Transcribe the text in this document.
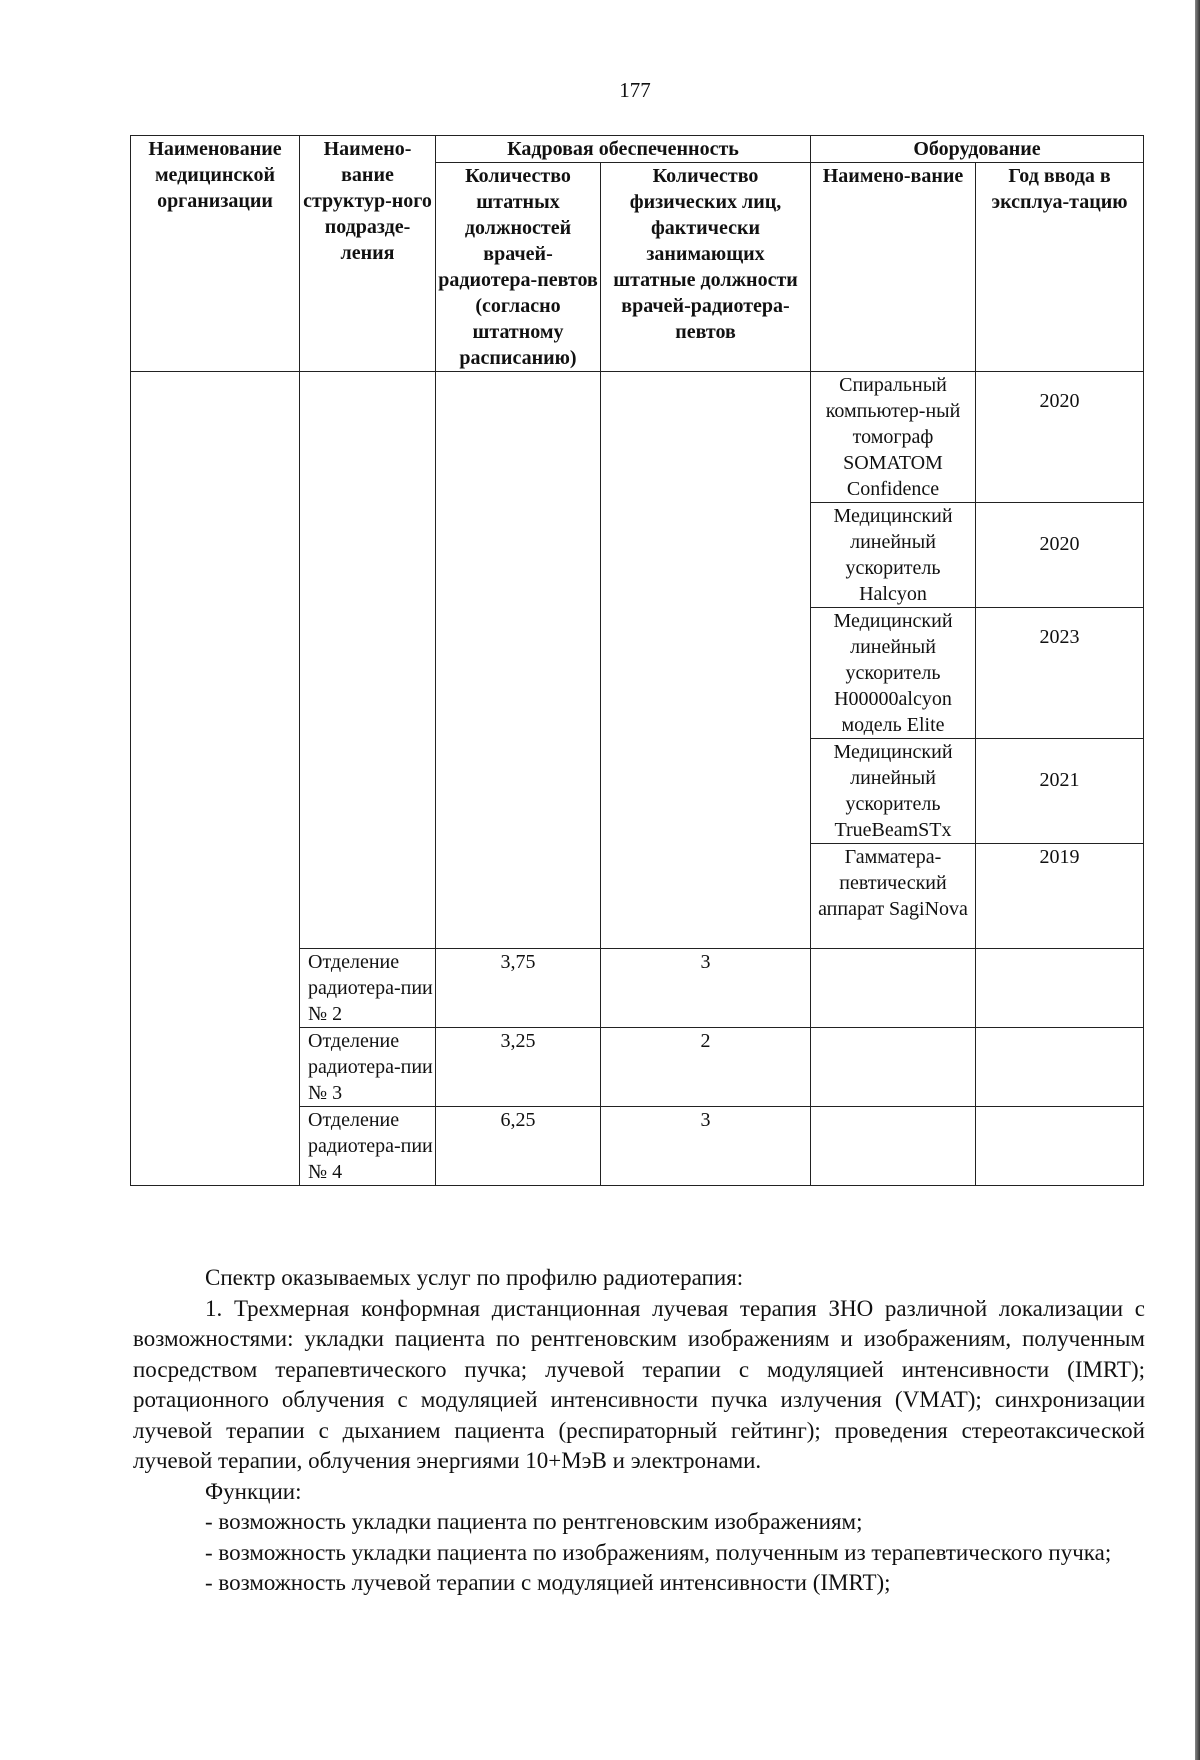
177
Наименование медицинской организации	Наимено-вание структур-ного подразде-ления	Кадровая обеспеченность		Оборудование	
		Количество штатных должностей врачей-радиотера-певтов (согласно штатному расписанию)	Количество физических лиц, фактически занимающих штатные должности врачей-радиотера-певтов	Наимено-вание	Год ввода в эксплуа-тацию
				Спиральный компьютер-ный томограф SOMATOM Confidence	2020
				Медицинский линейный ускоритель Halcyon	2020
				Медицинский линейный ускоритель H00000alcyon модель Elite	2023
				Медицинский линейный ускоритель TrueBeamSTx	2021
				Гамматера-певтический аппарат SagiNova	2019
	Отделение радиотера-пии № 2	3,75	3		
	Отделение радиотера-пии № 3	3,25	2		
	Отделение радиотера-пии № 4	6,25	3		

Спектр оказываемых услуг по профилю радиотерапия:

1. Трехмерная конформная дистанционная лучевая терапия ЗНО различной локализации с возможностями: укладки пациента по рентгеновским изображениям и изображениям, полученным посредством терапевтического пучка; лучевой терапии с модуляцией интенсивности (IMRT); ротационного облучения с модуляцией интенсивности пучка излучения (VMAT); синхронизации лучевой терапии с дыханием пациента (респираторный гейтинг); проведения стереотаксической лучевой терапии, облучения энергиями 10+МэВ и электронами.

Функции:

- возможность укладки пациента по рентгеновским изображениям;

- возможность укладки пациента по изображениям, полученным из терапевтического пучка;

- возможность лучевой терапии с модуляцией интенсивности (IMRT);
